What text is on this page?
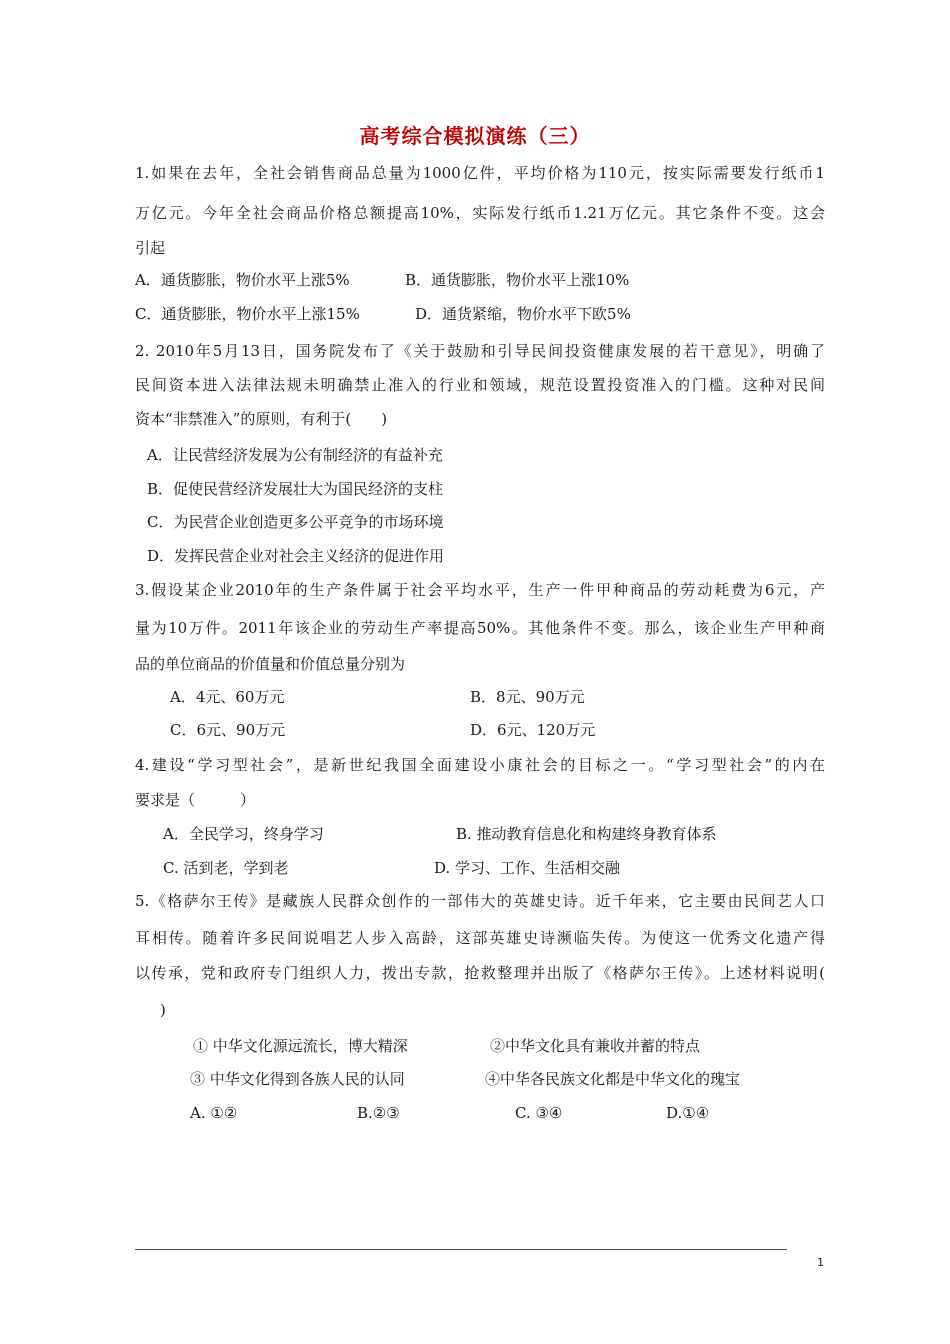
高考综合模拟演练（三）
1.如果在去年，全社会销售商品总量为1000亿件，平均价格为110元，按实际需要发行纸币1
万亿元。今年全社会商品价格总额提高10%，实际发行纸币1.21万亿元。其它条件不变。这会
引起
A．通货膨胀，物价水平上涨5%	B．通货膨胀，物价水平上涨10%
C．通货膨胀，物价水平上涨15%	D．通货紧缩，物价水平下欧5%
2. 2010年5月13日，国务院发布了《关于鼓励和引导民间投资健康发展的若干意见》，明确了
民间资本进入法律法规未明确禁止准入的行业和领域，规范设置投资准入的门槛。这种对民间
资本“非禁准入”的原则，有利于(　　)
A．让民营经济发展为公有制经济的有益补充
B．促使民营经济发展壮大为国民经济的支柱
C．为民营企业创造更多公平竞争的市场环境
D．发挥民营企业对社会主义经济的促进作用
3.假设某企业2010年的生产条件属于社会平均水平，生产一件甲种商品的劳动耗费为6元，产
量为10万件。2011年该企业的劳动生产率提高50%。其他条件不变。那么，该企业生产甲种商
品的单位商品的价值量和价值总量分别为
A．4元、60万元	B．8元、90万元
C．6元、90万元	D．6元、120万元
4.建设“学习型社会”，是新世纪我国全面建设小康社会的目标之一。“学习型社会”的内在
要求是（　　　）
A．全民学习，终身学习	B. 推动教育信息化和构建终身教育体系
C. 活到老，学到老	D. 学习、工作、生活相交融
5.《格萨尔王传》是藏族人民群众创作的一部伟大的英雄史诗。近千年来，它主要由民间艺人口
耳相传。随着许多民间说唱艺人步入高龄，这部英雄史诗濒临失传。为使这一优秀文化遗产得
以传承，党和政府专门组织人力，拨出专款，抢救整理并出版了《格萨尔王传》。上述材料说明(
)
① 中华文化源远流长，博大精深	②中华文化具有兼收并蓄的特点
③ 中华文化得到各族人民的认同	④中华各民族文化都是中华文化的瑰宝
A. ①②	B.②③	C. ③④	D.①④
1
